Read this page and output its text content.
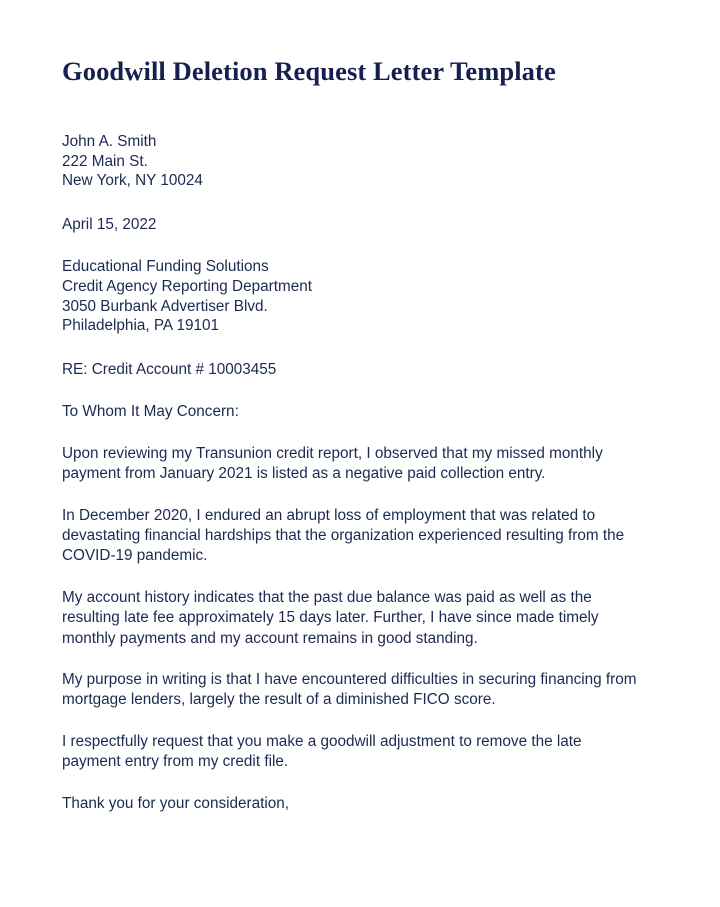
Goodwill Deletion Request Letter Template
John A. Smith
222 Main St.
New York, NY 10024
April 15, 2022
Educational Funding Solutions
Credit Agency Reporting Department
3050 Burbank Advertiser Blvd.
Philadelphia, PA 19101
RE: Credit Account # 10003455
To Whom It May Concern:

Upon reviewing my Transunion credit report, I observed that my missed monthly payment from January 2021 is listed as a negative paid collection entry.

In December 2020, I endured an abrupt loss of employment that was related to devastating financial hardships that the organization experienced resulting from the COVID-19 pandemic.

My account history indicates that the past due balance was paid as well as the resulting late fee approximately 15 days later. Further, I have since made timely monthly payments and my account remains in good standing.

My purpose in writing is that I have encountered difficulties in securing financing from mortgage lenders, largely the result of a diminished FICO score.

I respectfully request that you make a goodwill adjustment to remove the late payment entry from my credit file.

Thank you for your consideration,
